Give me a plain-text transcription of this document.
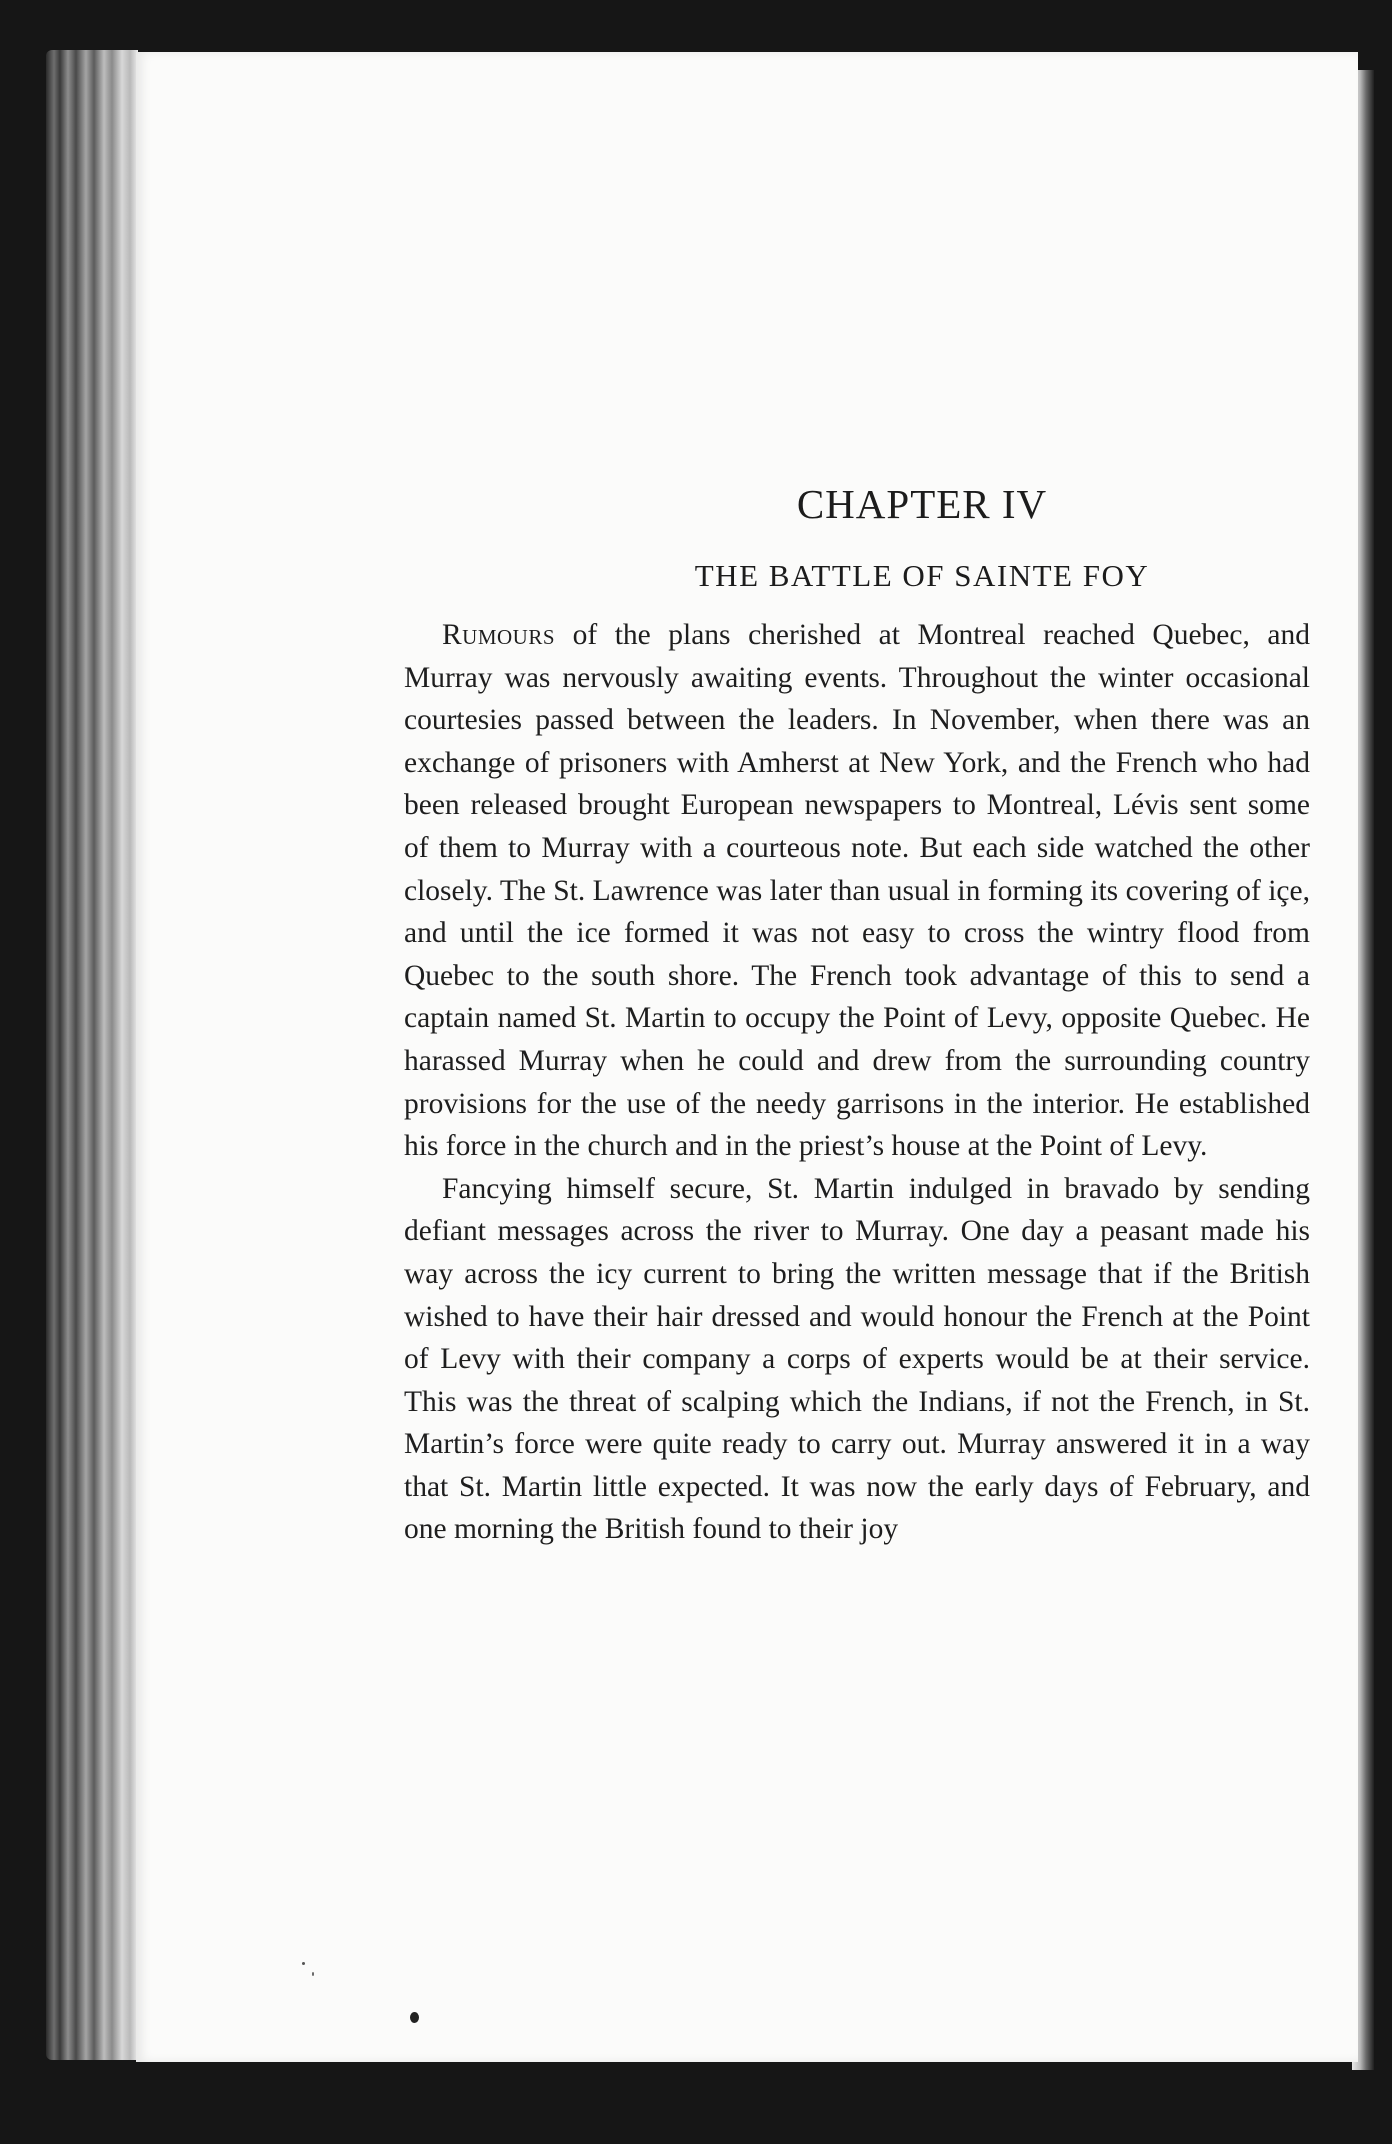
CHAPTER IV
THE BATTLE OF SAINTE FOY

Rumours of the plans cherished at Montreal reached Quebec, and Murray was nervously awaiting events. Throughout the winter occasional courtesies passed between the leaders. In November, when there was an exchange of prisoners with Amherst at New York, and the French who had been released brought European newspapers to Montreal, Lévis sent some of them to Murray with a courteous note. But each side watched the other closely. The St. Lawrence was later than usual in forming its covering of içe, and until the ice formed it was not easy to cross the wintry flood from Quebec to the south shore. The French took advantage of this to send a captain named St. Martin to occupy the Point of Levy, opposite Quebec. He harassed Murray when he could and drew from the surrounding country provisions for the use of the needy garrisons in the interior. He established his force in the church and in the priest’s house at the Point of Levy.

Fancying himself secure, St. Martin indulged in bravado by sending defiant messages across the river to Murray. One day a peasant made his way across the icy current to bring the written message that if the British wished to have their hair dressed and would honour the French at the Point of Levy with their company a corps of experts would be at their service. This was the threat of scalping which the Indians, if not the French, in St. Martin’s force were quite ready to carry out. Murray answered it in a way that St. Martin little expected. It was now the early days of February, and one morning the British found to their joy
